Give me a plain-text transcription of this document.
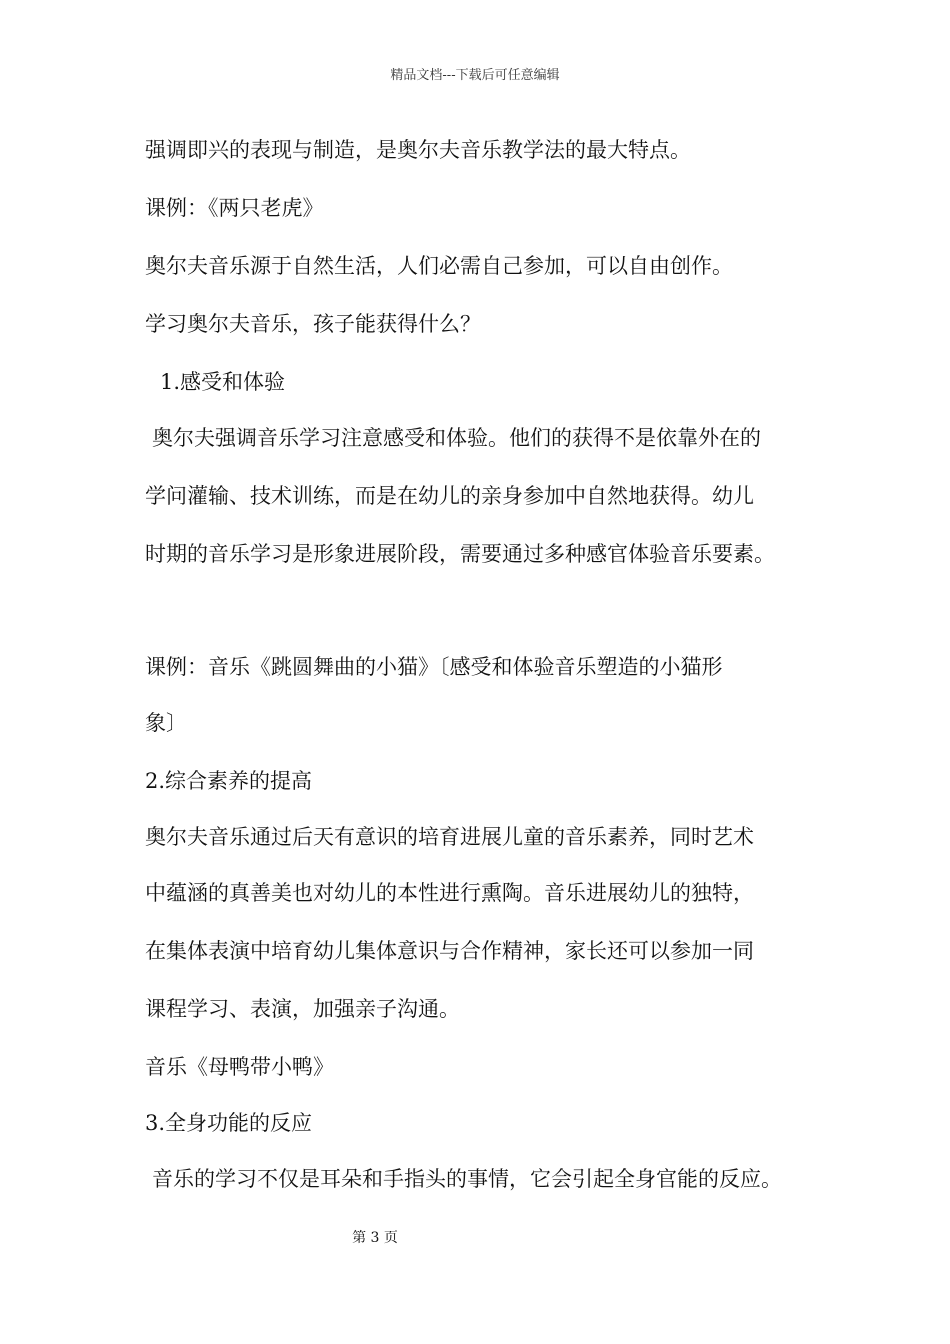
精品文档---下载后可任意编辑
强调即兴的表现与制造，是奥尔夫音乐教学法的最大特点。
课例：《两只老虎》
奥尔夫音乐源于自然生活，人们必需自己参加，可以自由创作。
学习奥尔夫音乐，孩子能获得什么？
1.感受和体验
奥尔夫强调音乐学习注意感受和体验。他们的获得不是依靠外在的
学问灌输、技术训练，而是在幼儿的亲身参加中自然地获得。幼儿
时期的音乐学习是形象进展阶段，需要通过多种感官体验音乐要素。
课例：音乐《跳圆舞曲的小猫》〔感受和体验音乐塑造的小猫形
象〕
2.综合素养的提高
奥尔夫音乐通过后天有意识的培育进展儿童的音乐素养，同时艺术
中蕴涵的真善美也对幼儿的本性进行熏陶。音乐进展幼儿的独特，
在集体表演中培育幼儿集体意识与合作精神，家长还可以参加一同
课程学习、表演，加强亲子沟通。
音乐《母鸭带小鸭》
3.全身功能的反应
音乐的学习不仅是耳朵和手指头的事情，它会引起全身官能的反应。
第 3 页
